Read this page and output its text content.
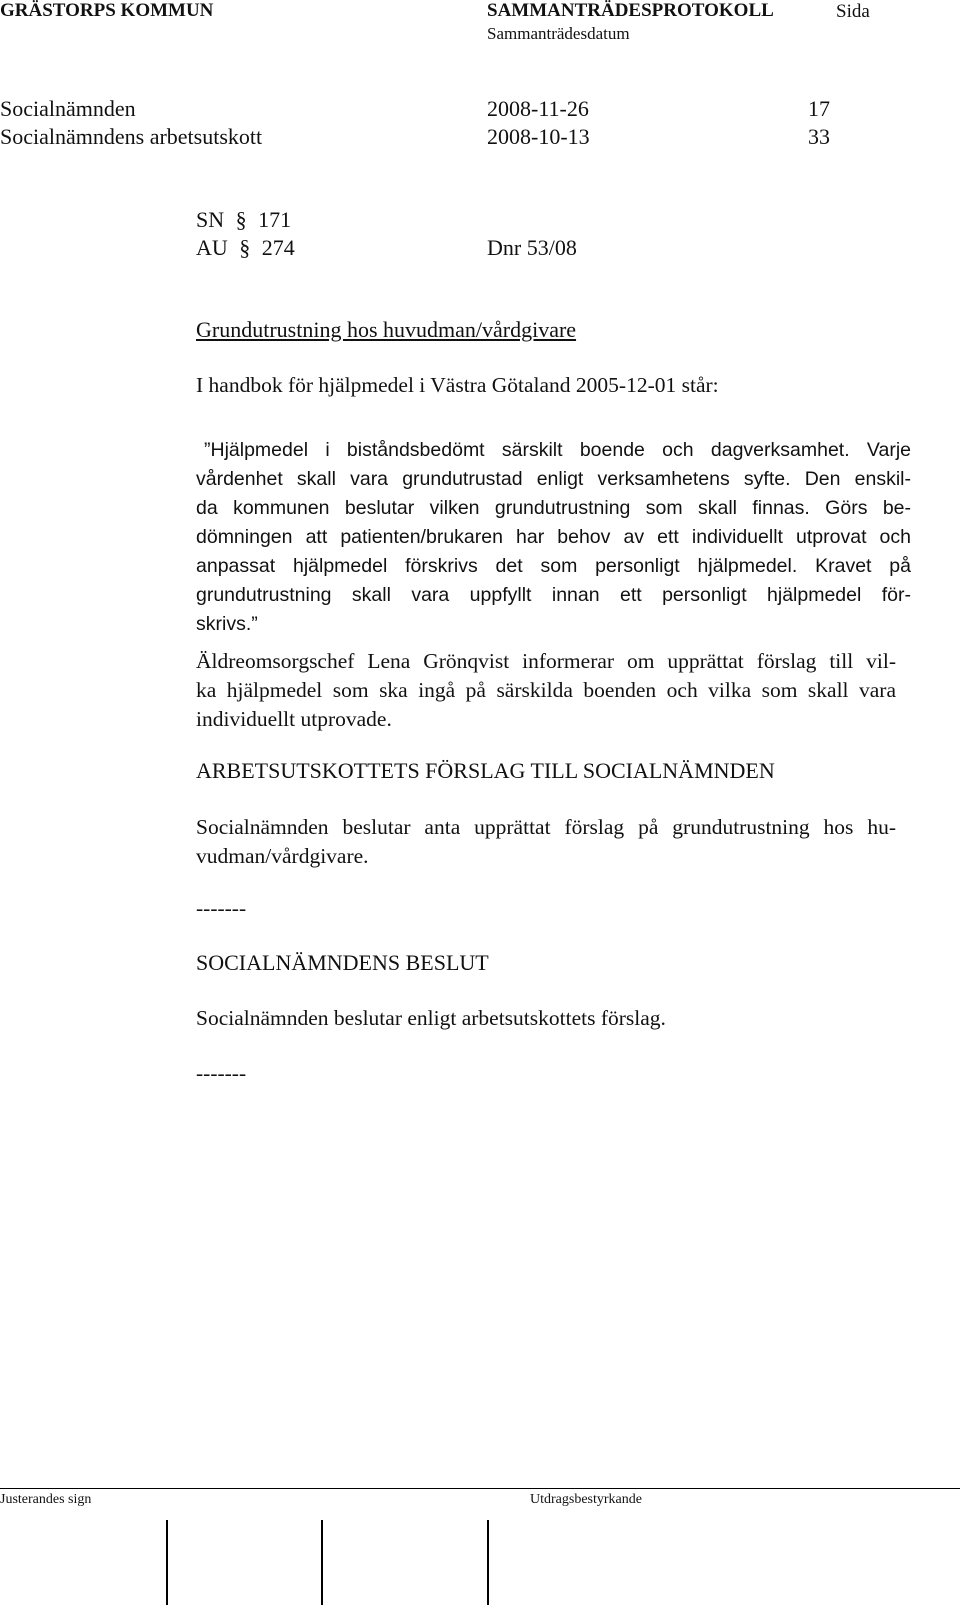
GRÄSTORPS KOMMUN	SAMMANTRÄDESPROTOKOLL	Sida
Sammanträdesdatum
Socialnämnden	2008-11-26	17
Socialnämndens arbetsutskott	2008-10-13	33
SN § 171
AU § 274	Dnr 53/08
Grundutrustning hos huvudman/vårdgivare
I handbok för hjälpmedel i Västra Götaland 2005-12-01 står:
”Hjälpmedel i biståndsbedömt särskilt boende och dagverksamhet. Varje
vårdenhet skall vara grundutrustad enligt verksamhetens syfte. Den enskil-
da kommunen beslutar vilken grundutrustning som skall finnas. Görs be-
dömningen att patienten/brukaren har behov av ett individuellt utprovat och
anpassat hjälpmedel förskrivs det som personligt hjälpmedel. Kravet på
grundutrustning skall vara uppfyllt innan ett personligt hjälpmedel för-
skrivs.”
Äldreomsorgschef Lena Grönqvist informerar om upprättat förslag till vil-
ka hjälpmedel som ska ingå på särskilda boenden och vilka som skall vara
individuellt utprovade.
ARBETSUTSKOTTETS FÖRSLAG TILL SOCIALNÄMNDEN
Socialnämnden beslutar anta upprättat förslag på grundutrustning hos hu-
vudman/vårdgivare.
-------
SOCIALNÄMNDENS BESLUT
Socialnämnden beslutar enligt arbetsutskottets förslag.
-------
Justerandes sign	Utdragsbestyrkande
